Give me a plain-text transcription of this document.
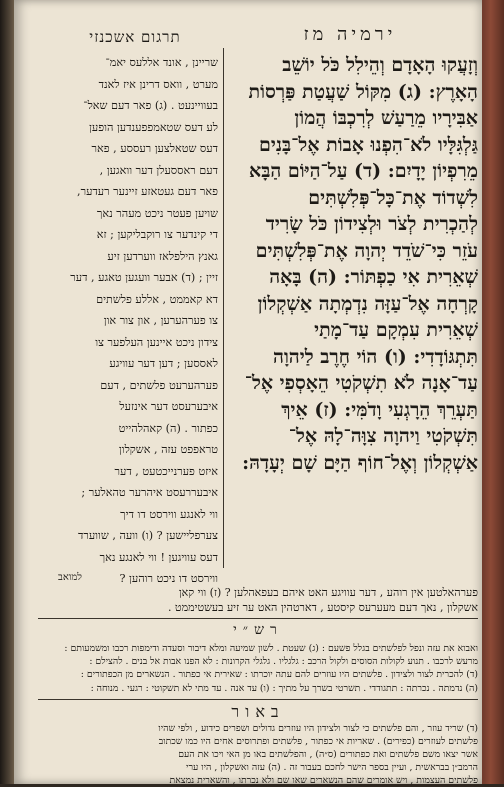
תרגום אשכנזי	ירמיה מז
שריינן , אונד אללעס יאמ־
מערט , וואס דרינן איז לאנד
בעוויינעט . (ג) פאר דעם שאל־
לע דעס שטאמפפענדען הופען
דעס שטאלצען רעססע , פאר
דעם ראססעלן דער וואגען ,
פאר דעם געטאזע זיינער רעדער,
שויען פעטר ניכט מעהר נאך
די קינדער צו רוקבליקען ; זא
גאנץ הילפלאז ווערדען זיע
זיין ; (ד) אבער וועגען טאגע , דער
דא קאממט , אללע פלשתים
צו פערהערען , און צור און
צידון ניכט איינען העלפער צו
לאססען ; דען דער עוויגע
פערהערעט פלשתים , דעם
איבערעסט דער אינזעל
כפתור . (ה) קאהלהייט
טראפפט עזה , אשקלון
איזט פערנייכטעט , דער
איבעררעסט איהרער טהאלער ;
ווי לאנגע ווירסט דו דיך
צערפליישען ? (ו) וועה , שווערד
דעס עוויגען ! ווי לאנגע נאך
ווירסט דו ניכט רוהען ?
וְזָעֲקוּ הָאָדָם וְהֵילִל כֹּל יוֹשֵׁב
הָאָרֶץ: (ג) מִקּוֹל שַׁעֲטַת פַּרְסוֹת
אַבִּירָיו מֵרַעַשׁ לְרִכְבּוֹ הֲמוֹן
גַּלְגִּלָּיו לֹא־הִפְנוּ אָבוֹת אֶל־בָּנִים
מֵרִפְיוֹן יָדָיִם: (ד) עַל־הַיּוֹם הַבָּא
לִשְׁדוֹד אֶת־כָּל־פְּלִשְׁתִּים
לְהַכְרִית לְצֹר וּלְצִידוֹן כֹּל שָׂרִיד
עֹזֵר כִּי־שֹׁדֵד יְהוָה אֶת־פְּלִשְׁתִּים
שְׁאֵרִית אִי כַפְתּוֹר: (ה) בָּאָה
קָרְחָה אֶל־עַזָּה נִדְמְתָה אַשְׁקְלוֹן
שְׁאֵרִית עִמְקָם עַד־מָתַי
תִּתְגּוֹדָדִי: (ו) הוֹי חֶרֶב לַיהוָה
עַד־אָנָה לֹא תִשְׁקֹטִי הֵאָסְפִי אֶל־
תַּעְרֵךְ הֵרָגְעִי וָדֹמִּי: (ז) אֵיךְ
תִּשְׁקֹטִי וַיהוָה צִוָּה־לָהּ אֶל־
אַשְׁקְלוֹן וְאֶל־חוֹף הַיָּם שָׁם יְעָדָהּ:
למואב
פערהאלטען אין רוהע , דער עוויגע האט איהם בעפאהלען ? (ז) ווי קאן
אשקלון , נאך דעם מעערעס קיסטע , דארטהין האט ער זיע בעשטיממט .
רש״י
ואבוא את עזה ונפל לפלשתים בגלל פשעם : (ג) שעטת . לשון שמיעה ומלא דיבור וסעדה ודימפות רכבו ומשמעותם :
מרעש לרכבו . תנוע לקולות הסוסים ולקול הרכב : גלגליו . גלגלי הקרונות : לא הפנו אבות אל בנים . להצילם :
(ד) להכרית לצור ולצידון . פלשתים היו עוזרים להם עתה יוכרתו : שאירית אי כפתור . הנשארים מן הכפתורים :
(ה) נדמתה . נכרתה : תתגודדי . תשרטי בשרך על מתיך : (ו) עד אנה . עד מתי לא תשקוטי : רגעי . מנוחה :
באור
(ד) שריד עוזר , והם פלשתים כי לצור ולצידון היו עוזרים גדולים ושפרים כידוע , ולפי שהיו
פלשתים לעוזרים (כפירים) . שאריות אי כפתור , פלשתים ופתרוסים אחים היו כמו שכתוב
אשר יצאו משם פלשתים ואת כפתורים (ס״ה) , והפלשתים באו מן האי ויכו את העם
הרמב״ן בבראשית , ועיין בספר הישר לחכם בעבור זה . (ה) עזה ואשקלון , היו ערי
פלשתים העצמות , ויש אומרים שהם הנשארים שאו שם ולא נכרתו , והשארית נמצאת
